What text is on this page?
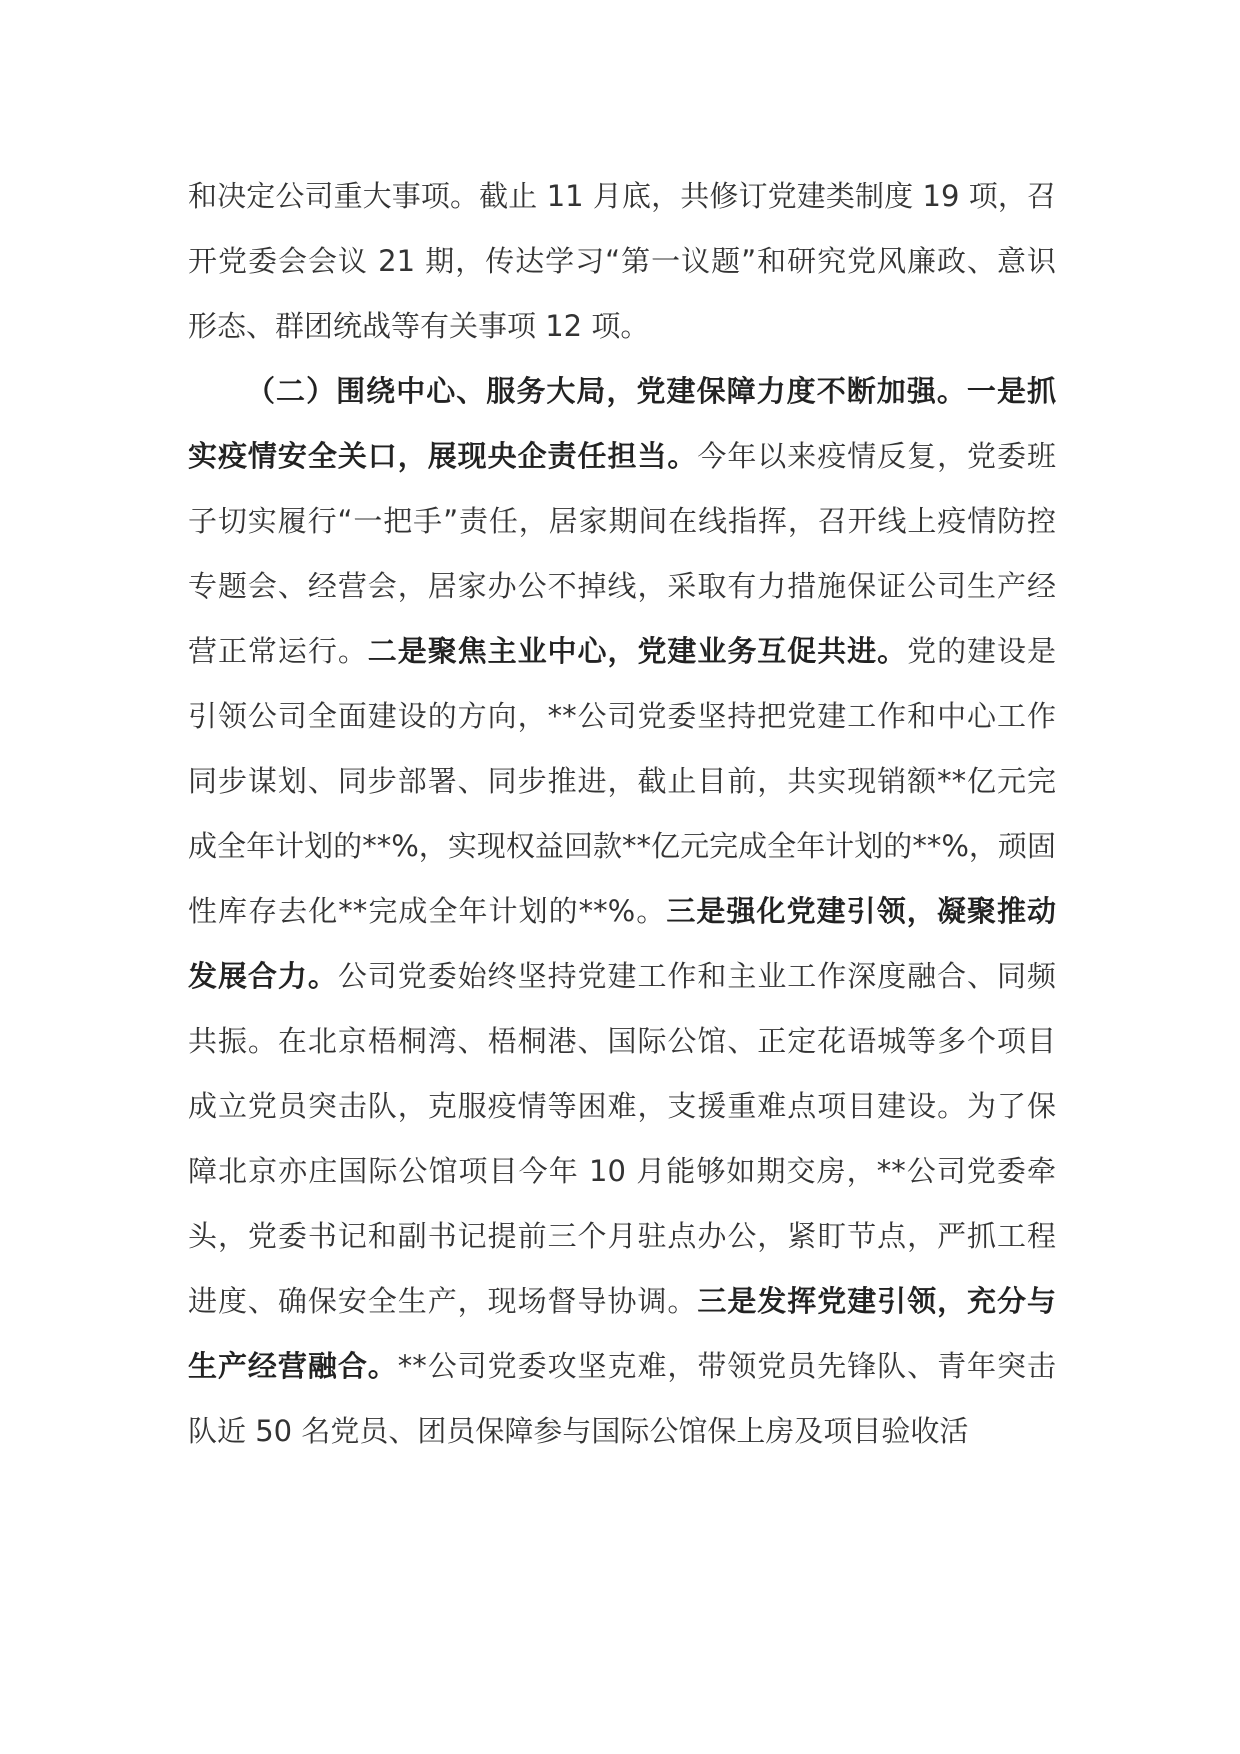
和决定公司重大事项。截止 11 月底，共修订党建类制度 19 项，召开党委会会议 21 期，传达学习“第一议题”和研究党风廉政、意识形态、群团统战等有关事项 12 项。

（二）围绕中心、服务大局，党建保障力度不断加强。一是抓实疫情安全关口，展现央企责任担当。今年以来疫情反复，党委班子切实履行“一把手”责任，居家期间在线指挥，召开线上疫情防控专题会、经营会，居家办公不掉线，采取有力措施保证公司生产经营正常运行。二是聚焦主业中心，党建业务互促共进。党的建设是引领公司全面建设的方向，**公司党委坚持把党建工作和中心工作同步谋划、同步部署、同步推进，截止目前，共实现销额**亿元完成全年计划的**%，实现权益回款**亿元完成全年计划的**%，顽固性库存去化**完成全年计划的**%。三是强化党建引领，凝聚推动发展合力。公司党委始终坚持党建工作和主业工作深度融合、同频共振。在北京梧桐湾、梧桐港、国际公馆、正定花语城等多个项目成立党员突击队，克服疫情等困难，支援重难点项目建设。为了保障北京亦庄国际公馆项目今年 10 月能够如期交房，**公司党委牵头，党委书记和副书记提前三个月驻点办公，紧盯节点，严抓工程进度、确保安全生产，现场督导协调。三是发挥党建引领，充分与生产经营融合。**公司党委攻坚克难，带领党员先锋队、青年突击队近 50 名党员、团员保障参与国际公馆保上房及项目验收活
